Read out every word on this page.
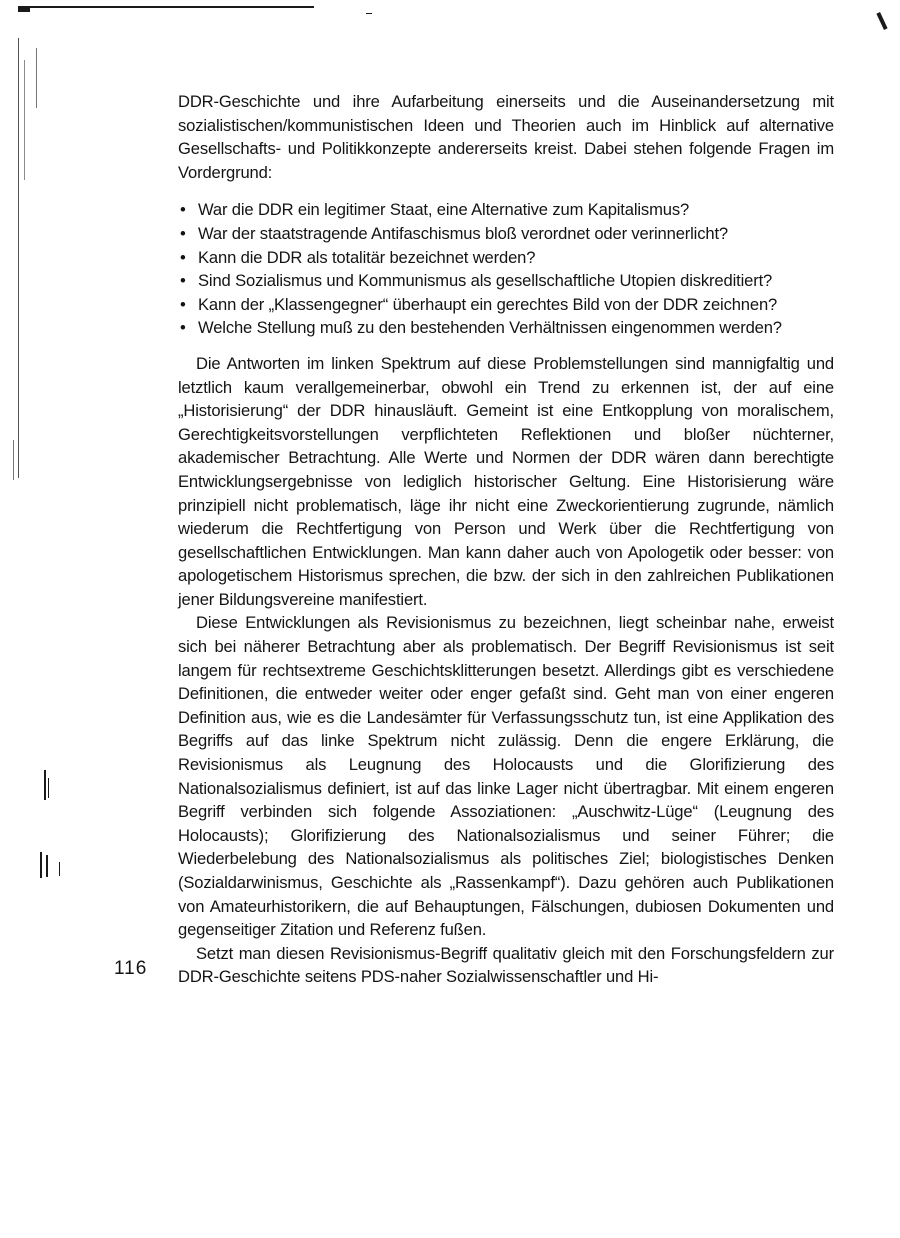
DDR-Geschichte und ihre Aufarbeitung einerseits und die Auseinandersetzung mit sozialistischen/kommunistischen Ideen und Theorien auch im Hinblick auf alternative Gesellschafts- und Politikkonzepte andererseits kreist. Dabei stehen folgende Fragen im Vordergrund:

• War die DDR ein legitimer Staat, eine Alternative zum Kapitalismus?
• War der staatstragende Antifaschismus bloß verordnet oder verinnerlicht?
• Kann die DDR als totalitär bezeichnet werden?
• Sind Sozialismus und Kommunismus als gesellschaftliche Utopien diskreditiert?
• Kann der „Klassengegner“ überhaupt ein gerechtes Bild von der DDR zeichnen?
• Welche Stellung muß zu den bestehenden Verhältnissen eingenommen werden?

Die Antworten im linken Spektrum auf diese Problemstellungen sind mannigfaltig und letztlich kaum verallgemeinerbar, obwohl ein Trend zu erkennen ist, der auf eine „Historisierung“ der DDR hinausläuft. Gemeint ist eine Entkopplung von moralischem, Gerechtigkeitsvorstellungen verpflichteten Reflektionen und bloßer nüchterner, akademischer Betrachtung. Alle Werte und Normen der DDR wären dann berechtigte Entwicklungsergebnisse von lediglich historischer Geltung. Eine Historisierung wäre prinzipiell nicht problematisch, läge ihr nicht eine Zweckorientierung zugrunde, nämlich wiederum die Rechtfertigung von Person und Werk über die Rechtfertigung von gesellschaftlichen Entwicklungen. Man kann daher auch von Apologetik oder besser: von apologetischem Historismus sprechen, die bzw. der sich in den zahlreichen Publikationen jener Bildungsvereine manifestiert.

Diese Entwicklungen als Revisionismus zu bezeichnen, liegt scheinbar nahe, erweist sich bei näherer Betrachtung aber als problematisch. Der Begriff Revisionismus ist seit langem für rechtsextreme Geschichtsklitterungen besetzt. Allerdings gibt es verschiedene Definitionen, die entweder weiter oder enger gefaßt sind. Geht man von einer engeren Definition aus, wie es die Landesämter für Verfassungsschutz tun, ist eine Applikation des Begriffs auf das linke Spektrum nicht zulässig. Denn die engere Erklärung, die Revisionismus als Leugnung des Holocausts und die Glorifizierung des Nationalsozialismus definiert, ist auf das linke Lager nicht übertragbar. Mit einem engeren Begriff verbinden sich folgende Assoziationen: „Auschwitz-Lüge“ (Leugnung des Holocausts); Glorifizierung des Nationalsozialismus und seiner Führer; die Wiederbelebung des Nationalsozialismus als politisches Ziel; biologistisches Denken (Sozialdarwinismus, Geschichte als „Rassenkampf“). Dazu gehören auch Publikationen von Amateurhistorikern, die auf Behauptungen, Fälschungen, dubiosen Dokumenten und gegenseitiger Zitation und Referenz fußen.

Setzt man diesen Revisionismus-Begriff qualitativ gleich mit den Forschungsfeldern zur DDR-Geschichte seitens PDS-naher Sozialwissenschaftler und Hi-

116
